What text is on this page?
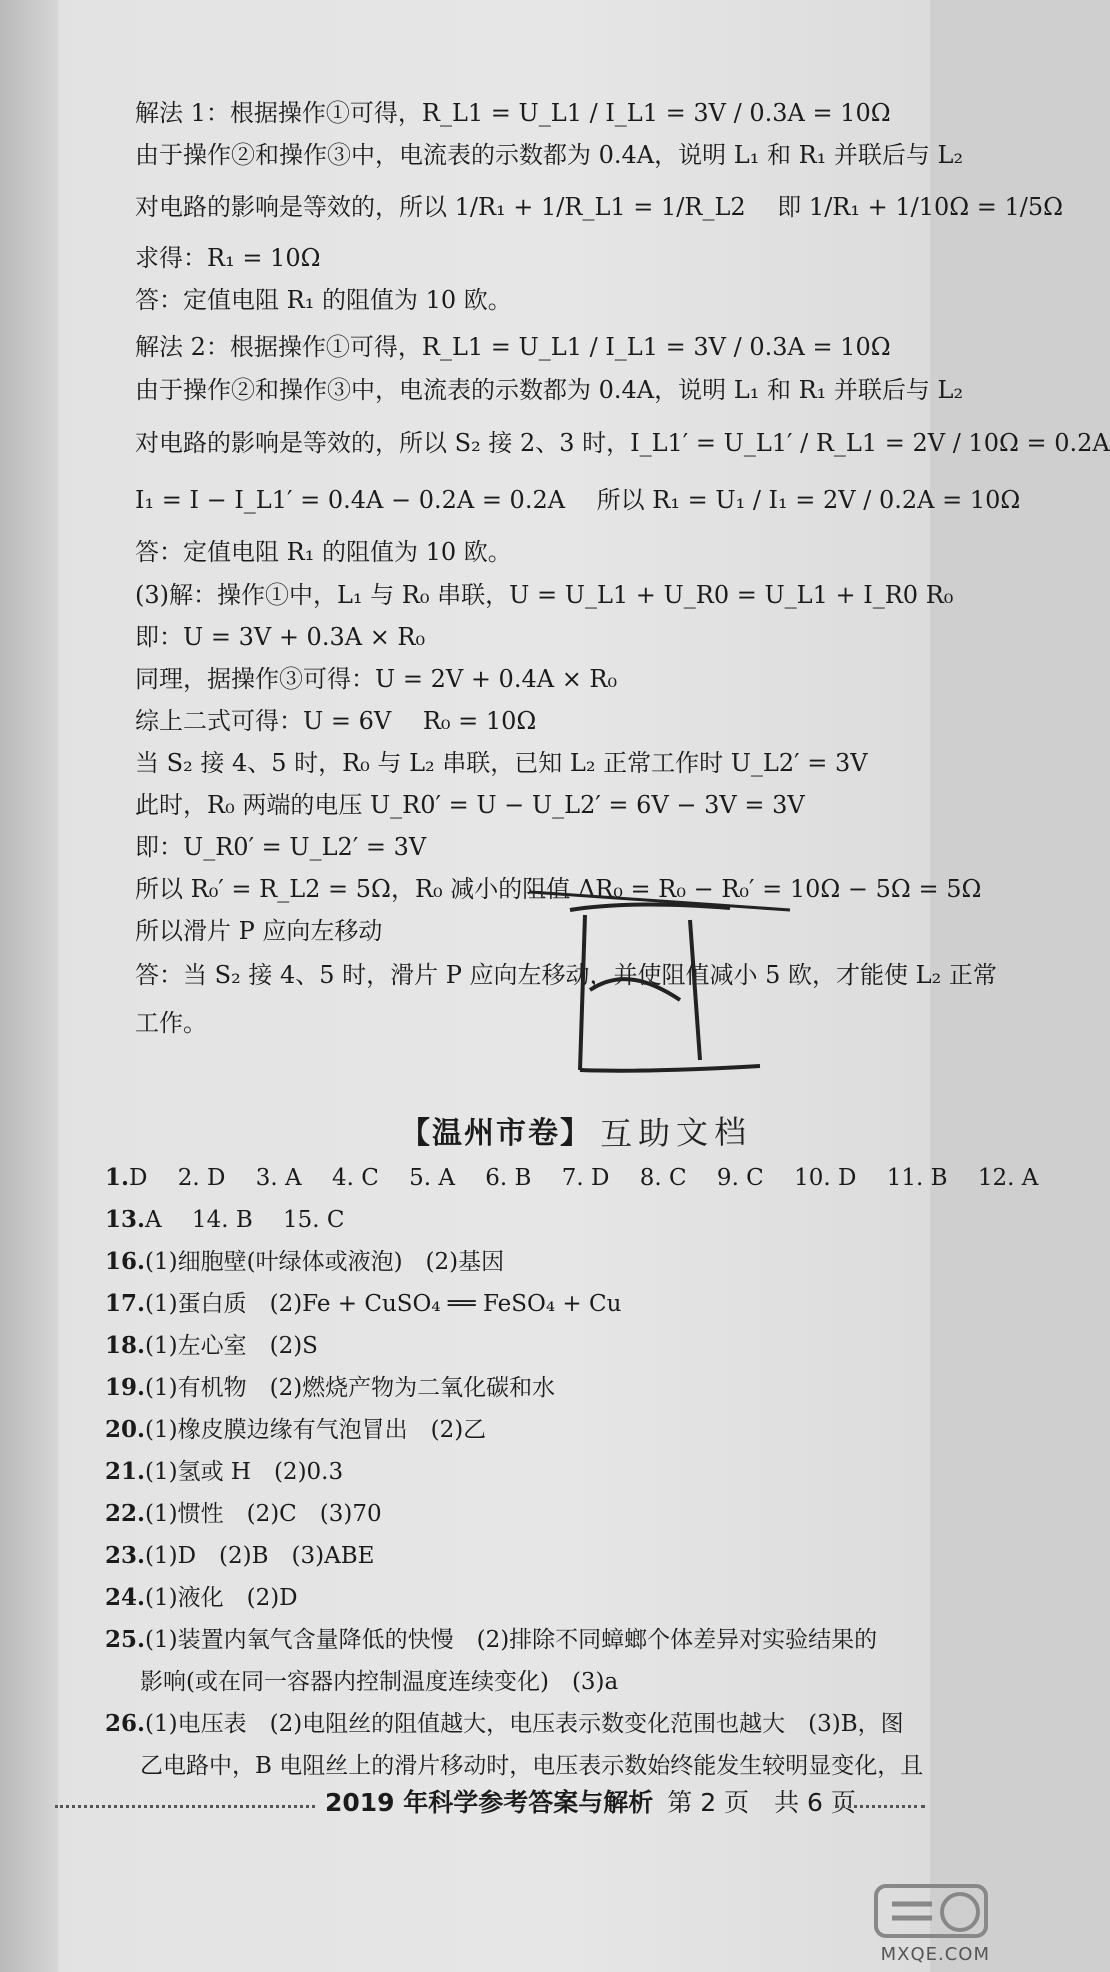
解法 1：根据操作①可得，R_L1 = U_L1 / I_L1 = 3V / 0.3A = 10Ω
由于操作②和操作③中，电流表的示数都为 0.4A，说明 L₁ 和 R₁ 并联后与 L₂
对电路的影响是等效的，所以 1/R₁ + 1/R_L1 = 1/R_L2　 即 1/R₁ + 1/10Ω = 1/5Ω
求得：R₁ = 10Ω
答：定值电阻 R₁ 的阻值为 10 欧。
解法 2：根据操作①可得，R_L1 = U_L1 / I_L1 = 3V / 0.3A = 10Ω
由于操作②和操作③中，电流表的示数都为 0.4A，说明 L₁ 和 R₁ 并联后与 L₂
对电路的影响是等效的，所以 S₂ 接 2、3 时，I_L1′ = U_L1′ / R_L1 = 2V / 10Ω = 0.2A
I₁ = I − I_L1′ = 0.4A − 0.2A = 0.2A　 所以 R₁ = U₁ / I₁ = 2V / 0.2A = 10Ω
答：定值电阻 R₁ 的阻值为 10 欧。
(3)解：操作①中，L₁ 与 R₀ 串联，U = U_L1 + U_R0 = U_L1 + I_R0 R₀
即：U = 3V + 0.3A × R₀
同理，据操作③可得：U = 2V + 0.4A × R₀
综上二式可得：U = 6V　 R₀ = 10Ω
当 S₂ 接 4、5 时，R₀ 与 L₂ 串联，已知 L₂ 正常工作时 U_L2′ = 3V
此时，R₀ 两端的电压 U_R0′ = U − U_L2′ = 6V − 3V = 3V
即：U_R0′ = U_L2′ = 3V
所以 R₀′ = R_L2 = 5Ω，R₀ 减小的阻值 ΔR₀ = R₀ − R₀′ = 10Ω − 5Ω = 5Ω
所以滑片 P 应向左移动
答：当 S₂ 接 4、5 时，滑片 P 应向左移动，并使阻值减小 5 欧，才能使 L₂ 正常
工作。
【温州市卷】 互助文档
1.D　 2. D　 3. A　 4. C　 5. A　 6. B　 7. D　 8. C　 9. C　 10. D　 11. B　 12. A
13.A　 14. B　 15. C
16.(1)细胞壁(叶绿体或液泡)　(2)基因
17.(1)蛋白质　(2)Fe + CuSO₄ ══ FeSO₄ + Cu
18.(1)左心室　(2)S
19.(1)有机物　(2)燃烧产物为二氧化碳和水
20.(1)橡皮膜边缘有气泡冒出　(2)乙
21.(1)氢或 H　(2)0.3
22.(1)惯性　(2)C　(3)70
23.(1)D　(2)B　(3)ABE
24.(1)液化　(2)D
25.(1)装置内氧气含量降低的快慢　(2)排除不同蟑螂个体差异对实验结果的
影响(或在同一容器内控制温度连续变化)　(3)a
26.(1)电压表　(2)电阻丝的阻值越大，电压表示数变化范围也越大　(3)B，图
乙电路中，B 电阻丝上的滑片移动时，电压表示数始终能发生较明显变化，且
2019 年科学参考答案与解析 第 2 页　共 6 页
MXQE.COM
